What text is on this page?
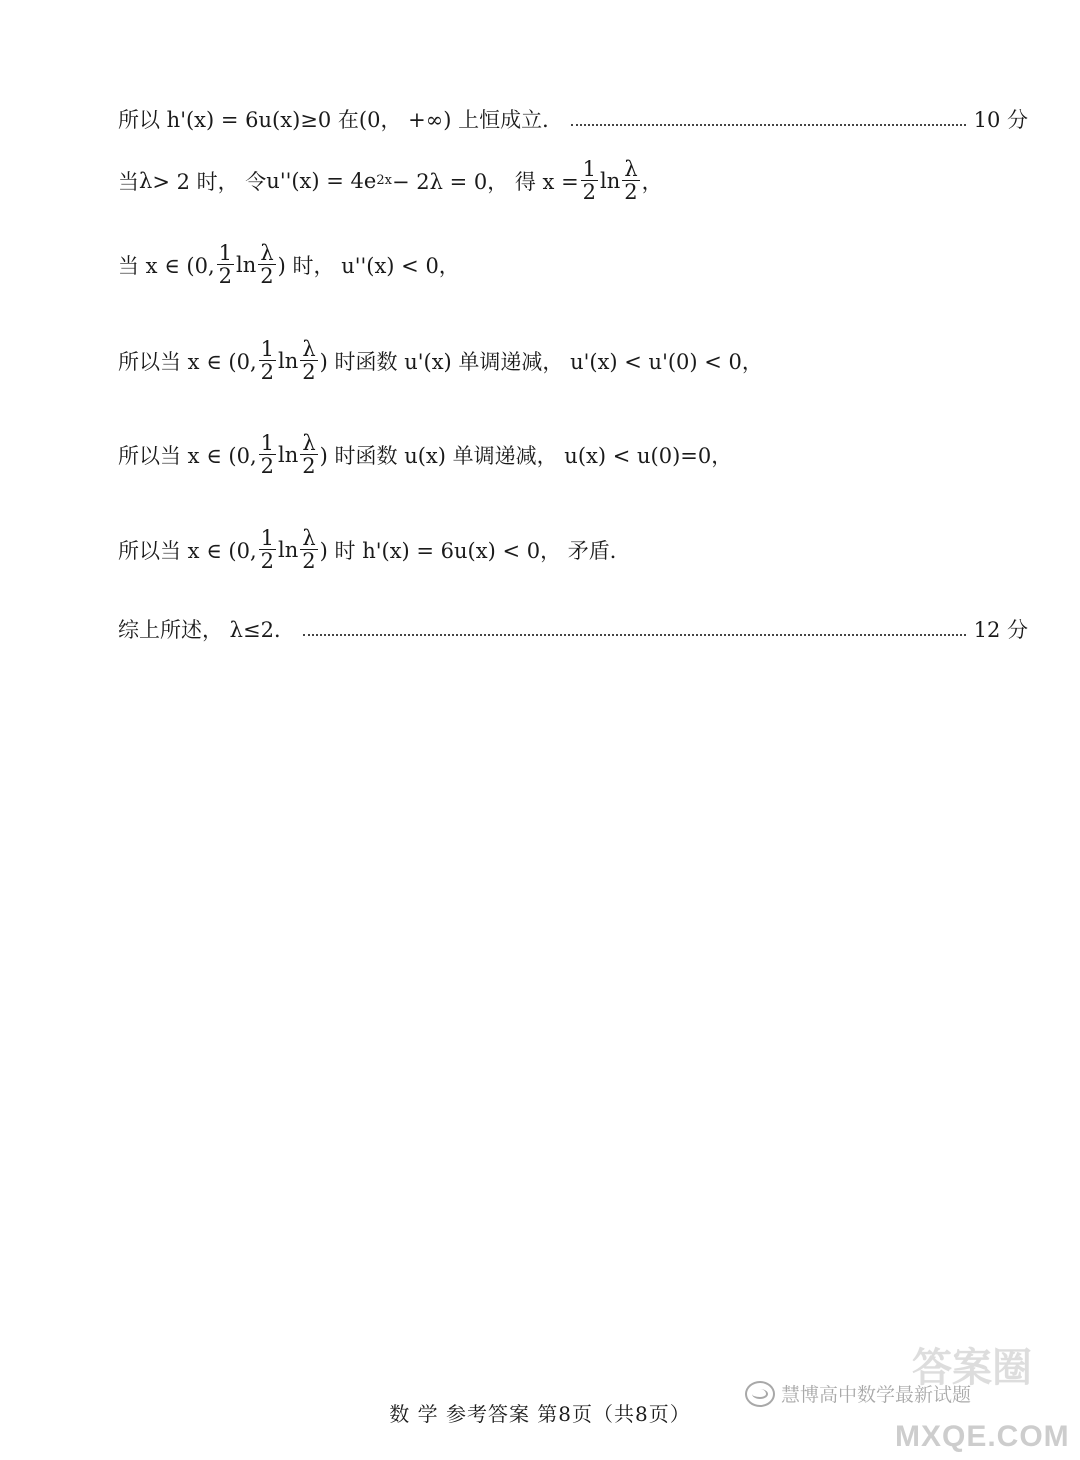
所以 h'(x) = 6u(x)≥0 在(0， +∞) 上恒成立．	10 分
当 λ > 2 时， 令 u''(x) = 4e 2x − 2λ = 0， 得 $x = \frac{1}{2}$ $\ln \frac{\lambda}{2}$ ，
当 x ∈ (0, $\frac{1}{2}$ $\ln \frac{\lambda}{2}$ ) 时， u''(x) < 0，
所以当 x ∈ (0, $\frac{1}{2}$ $\ln \frac{\lambda}{2}$ ) 时函数 u'(x) 单调递减， u'(x) < u'(0) < 0，
所以当 x ∈ (0, $\frac{1}{2}$ $\ln \frac{\lambda}{2}$ ) 时函数 u(x) 单调递减， u(x) < u(0)=0，
所以当 x ∈ (0, $\frac{1}{2}$ $\ln \frac{\lambda}{2}$ ) 时 h'(x) = 6u(x) < 0， 矛盾．
综上所述， λ≤2．	12 分
数 学 参考答案 第8页（共8页）
答案圈
慧博高中数学最新试题
MXQE.COM
